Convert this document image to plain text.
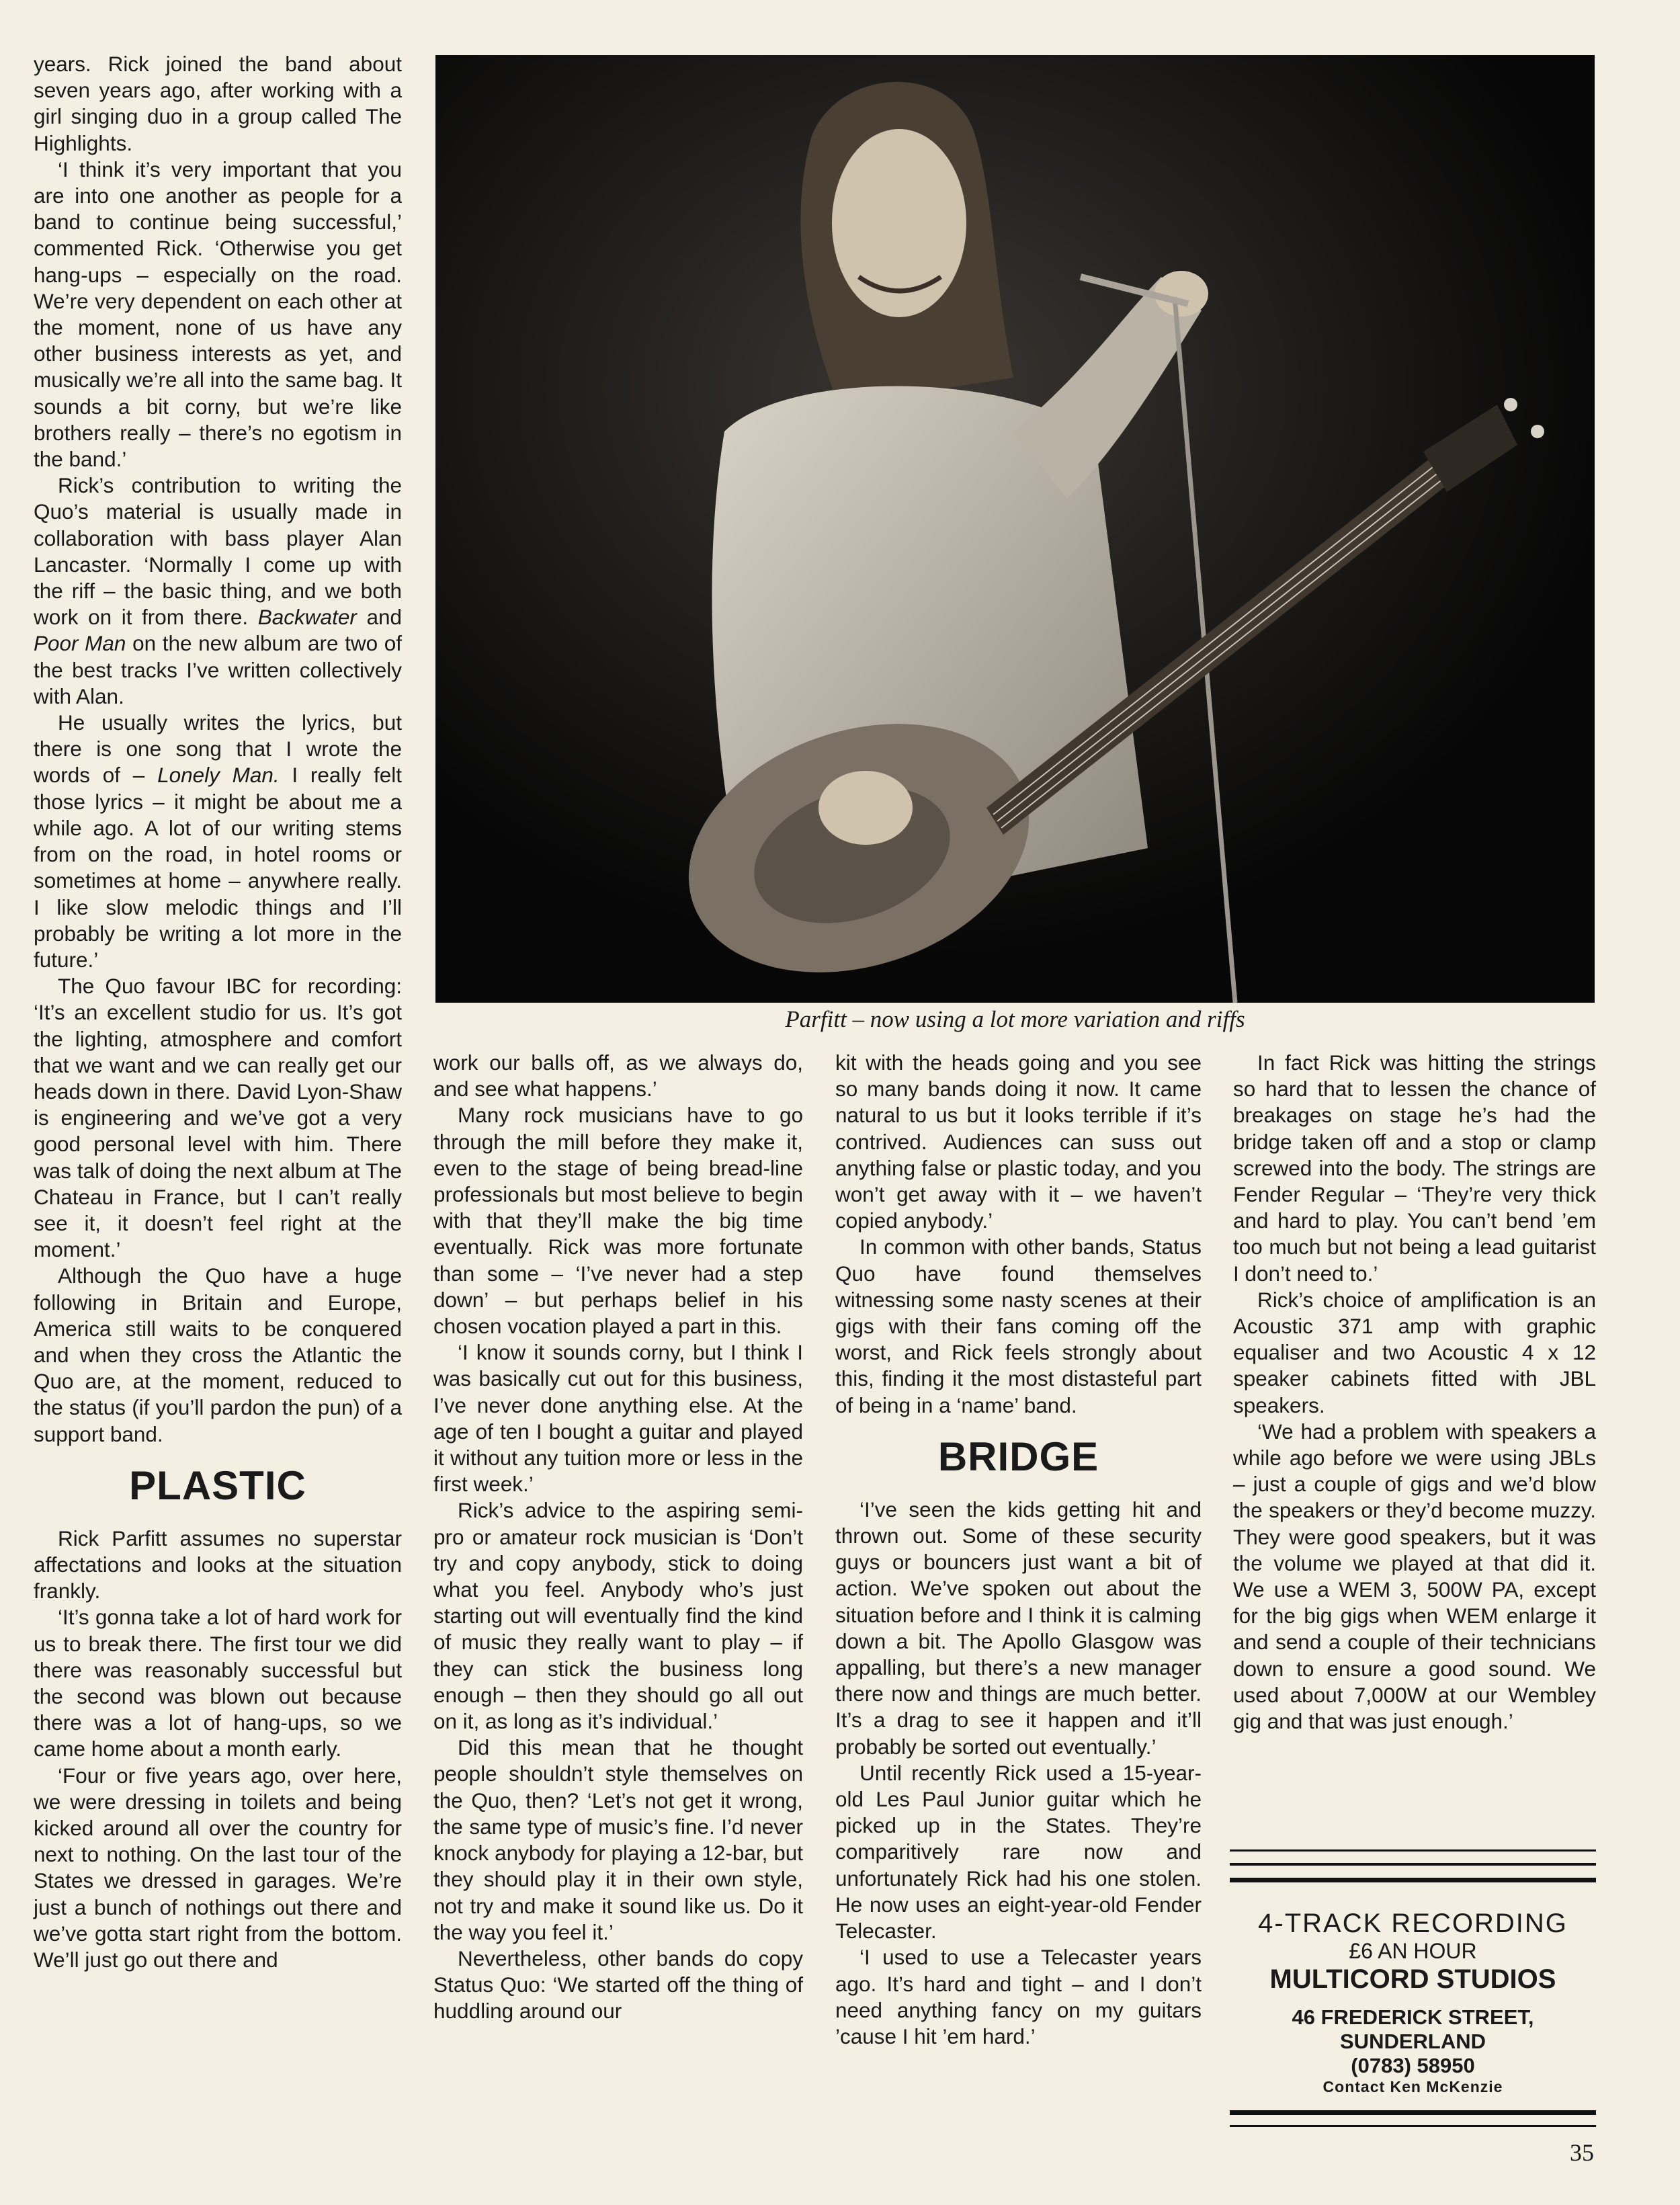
years. Rick joined the band about seven years ago, after working with a girl singing duo in a group called The Highlights.

‘I think it’s very important that you are into one another as people for a band to continue being successful,’ commented Rick. ‘Otherwise you get hang-ups – especially on the road. We’re very dependent on each other at the moment, none of us have any other business interests as yet, and musically we’re all into the same bag. It sounds a bit corny, but we’re like brothers really – there’s no egotism in the band.’

Rick’s contribution to writing the Quo’s material is usually made in collaboration with bass player Alan Lancaster. ‘Normally I come up with the riff – the basic thing, and we both work on it from there. Backwater and Poor Man on the new album are two of the best tracks I’ve written collectively with Alan.

He usually writes the lyrics, but there is one song that I wrote the words of – Lonely Man. I really felt those lyrics – it might be about me a while ago. A lot of our writing stems from on the road, in hotel rooms or sometimes at home – anywhere really. I like slow melodic things and I’ll probably be writing a lot more in the future.’

The Quo favour IBC for recording: ‘It’s an excellent studio for us. It’s got the lighting, atmosphere and comfort that we want and we can really get our heads down in there. David Lyon-Shaw is engineering and we’ve got a very good personal level with him. There was talk of doing the next album at The Chateau in France, but I can’t really see it, it doesn’t feel right at the moment.’

Although the Quo have a huge following in Britain and Europe, America still waits to be conquered and when they cross the Atlantic the Quo are, at the moment, reduced to the status (if you’ll pardon the pun) of a support band.

PLASTIC

Rick Parfitt assumes no superstar affectations and looks at the situation frankly.

‘It’s gonna take a lot of hard work for us to break there. The first tour we did there was reasonably successful but the second was blown out because there was a lot of hang-ups, so we came home about a month early.

‘Four or five years ago, over here, we were dressing in toilets and being kicked around all over the country for next to nothing. On the last tour of the States we dressed in garages. We’re just a bunch of nothings out there and we’ve gotta start right from the bottom. We’ll just go out there and

Parfitt – now using a lot more variation and riffs

work our balls off, as we always do, and see what happens.’

Many rock musicians have to go through the mill before they make it, even to the stage of being bread-line professionals but most believe to begin with that they’ll make the big time eventually. Rick was more fortunate than some – ‘I’ve never had a step down’ – but perhaps belief in his chosen vocation played a part in this.

‘I know it sounds corny, but I think I was basically cut out for this business, I’ve never done anything else. At the age of ten I bought a guitar and played it without any tuition more or less in the first week.’

Rick’s advice to the aspiring semi-pro or amateur rock musician is ‘Don’t try and copy anybody, stick to doing what you feel. Anybody who’s just starting out will eventually find the kind of music they really want to play – if they can stick the business long enough – then they should go all out on it, as long as it’s individual.’

Did this mean that he thought people shouldn’t style themselves on the Quo, then? ‘Let’s not get it wrong, the same type of music’s fine. I’d never knock anybody for playing a 12-bar, but they should play it in their own style, not try and make it sound like us. Do it the way you feel it.’

Nevertheless, other bands do copy Status Quo: ‘We started off the thing of huddling around our

kit with the heads going and you see so many bands doing it now. It came natural to us but it looks terrible if it’s contrived. Audiences can suss out anything false or plastic today, and you won’t get away with it – we haven’t copied anybody.’

In common with other bands, Status Quo have found themselves witnessing some nasty scenes at their gigs with their fans coming off the worst, and Rick feels strongly about this, finding it the most distasteful part of being in a ‘name’ band.

BRIDGE

‘I’ve seen the kids getting hit and thrown out. Some of these security guys or bouncers just want a bit of action. We’ve spoken out about the situation before and I think it is calming down a bit. The Apollo Glasgow was appalling, but there’s a new manager there now and things are much better. It’s a drag to see it happen and it’ll probably be sorted out eventually.’

Until recently Rick used a 15-year-old Les Paul Junior guitar which he picked up in the States. They’re comparitively rare now and unfortunately Rick had his one stolen. He now uses an eight-year-old Fender Telecaster.

‘I used to use a Telecaster years ago. It’s hard and tight – and I don’t need anything fancy on my guitars ’cause I hit ’em hard.’

In fact Rick was hitting the strings so hard that to lessen the chance of breakages on stage he’s had the bridge taken off and a stop or clamp screwed into the body. The strings are Fender Regular – ‘They’re very thick and hard to play. You can’t bend ’em too much but not being a lead guitarist I don’t need to.’

Rick’s choice of amplification is an Acoustic 371 amp with graphic equaliser and two Acoustic 4 x 12 speaker cabinets fitted with JBL speakers.

‘We had a problem with speakers a while ago before we were using JBLs – just a couple of gigs and we’d blow the speakers or they’d become muzzy. They were good speakers, but it was the volume we played at that did it. We use a WEM 3, 500W PA, except for the big gigs when WEM enlarge it and send a couple of their technicians down to ensure a good sound. We used about 7,000W at our Wembley gig and that was just enough.’

4-TRACK RECORDING
£6 AN HOUR
MULTICORD STUDIOS
46 FREDERICK STREET,
SUNDERLAND
(0783) 58950
Contact Ken McKenzie
35
